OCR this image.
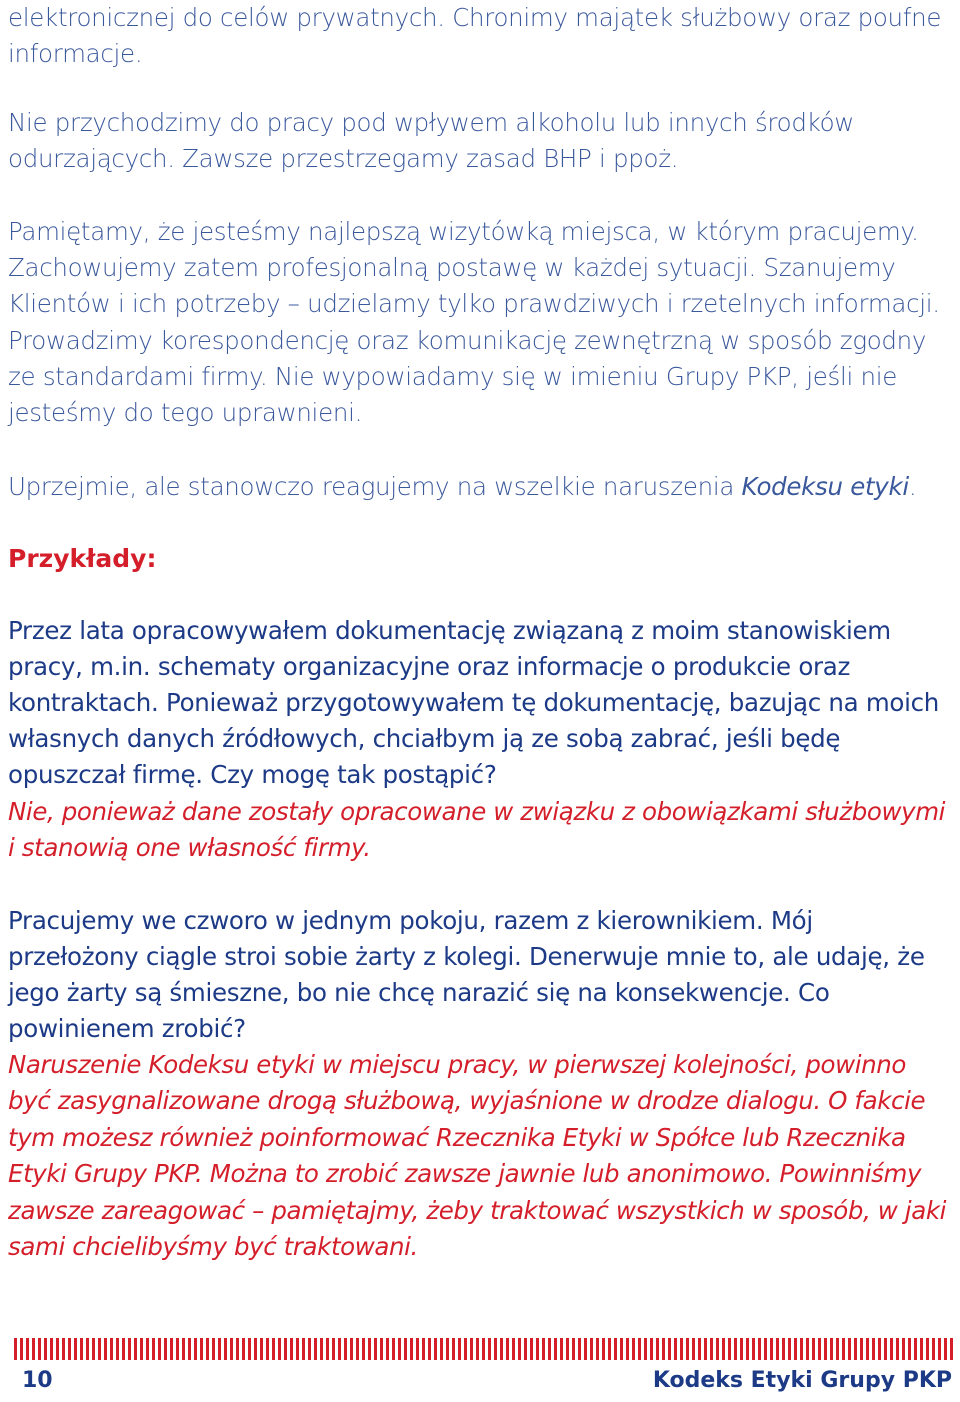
elektronicznej do celów prywatnych. Chronimy majątek służbowy oraz poufne informacje.

Nie przychodzimy do pracy pod wpływem alkoholu lub innych środków odurzających. Zawsze przestrzegamy zasad BHP i ppoż.

Pamiętamy, że jesteśmy najlepszą wizytówką miejsca, w którym pracujemy. Zachowujemy zatem profesjonalną postawę w każdej sytuacji. Szanujemy Klientów i ich potrzeby – udzielamy tylko prawdziwych i rzetelnych informacji. Prowadzimy korespondencję oraz komunikację zewnętrzną w sposób zgodny ze standardami firmy. Nie wypowiadamy się w imieniu Grupy PKP, jeśli nie jesteśmy do tego uprawnieni.

Uprzejmie, ale stanowczo reagujemy na wszelkie naruszenia Kodeksu etyki.

Przykłady:

Przez lata opracowywałem dokumentację związaną z moim stanowiskiem pracy, m.in. schematy organizacyjne oraz informacje o produkcie oraz kontraktach. Ponieważ przygotowywałem tę dokumentację, bazując na moich własnych danych źródłowych, chciałbym ją ze sobą zabrać, jeśli będę opuszczał firmę. Czy mogę tak postąpić?

Nie, ponieważ dane zostały opracowane w związku z obowiązkami służbowymi i stanowią one własność firmy.

Pracujemy we czworo w jednym pokoju, razem z kierownikiem. Mój przełożony ciągle stroi sobie żarty z kolegi. Denerwuje mnie to, ale udaję, że jego żarty są śmieszne, bo nie chcę narazić się na konsekwencje. Co powinienem zrobić?

Naruszenie Kodeksu etyki w miejscu pracy, w pierwszej kolejności, powinno być zasygnalizowane drogą służbową, wyjaśnione w drodze dialogu. O fakcie tym możesz również poinformować Rzecznika Etyki w Spółce lub Rzecznika Etyki Grupy PKP. Można to zrobić zawsze jawnie lub anonimowo. Powinniśmy zawsze zareagować – pamiętajmy, żeby traktować wszystkich w sposób, w jaki sami chcielibyśmy być traktowani.

10	Kodeks Etyki Grupy PKP
